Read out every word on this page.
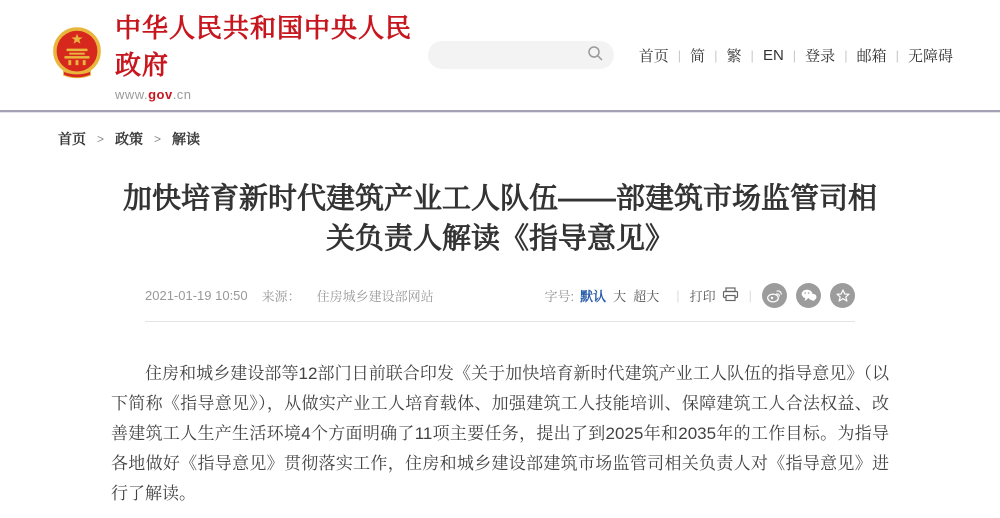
中华人民共和国中央人民政府
www.gov.cn
首页 | 简 | 繁 | EN | 登录 | 邮箱 | 无障碍
首页 > 政策 > 解读
加快培育新时代建筑产业工人队伍——部建筑市场监管司相关负责人解读《指导意见》
2021-01-19 10:50 来源： 住房城乡建设部网站	字号: 默认 大 超大 | 打印	|

住房和城乡建设部等12部门日前联合印发《关于加快培育新时代建筑产业工人队伍的指导意见》（以下简称《指导意见》），从做实产业工人培育载体、加强建筑工人技能培训、保障建筑工人合法权益、改善建筑工人生产生活环境4个方面明确了11项主要任务，提出了到2025年和2035年的工作目标。为指导各地做好《指导意见》贯彻落实工作，住房和城乡建设部建筑市场监管司相关负责人对《指导意见》进行了解读。
